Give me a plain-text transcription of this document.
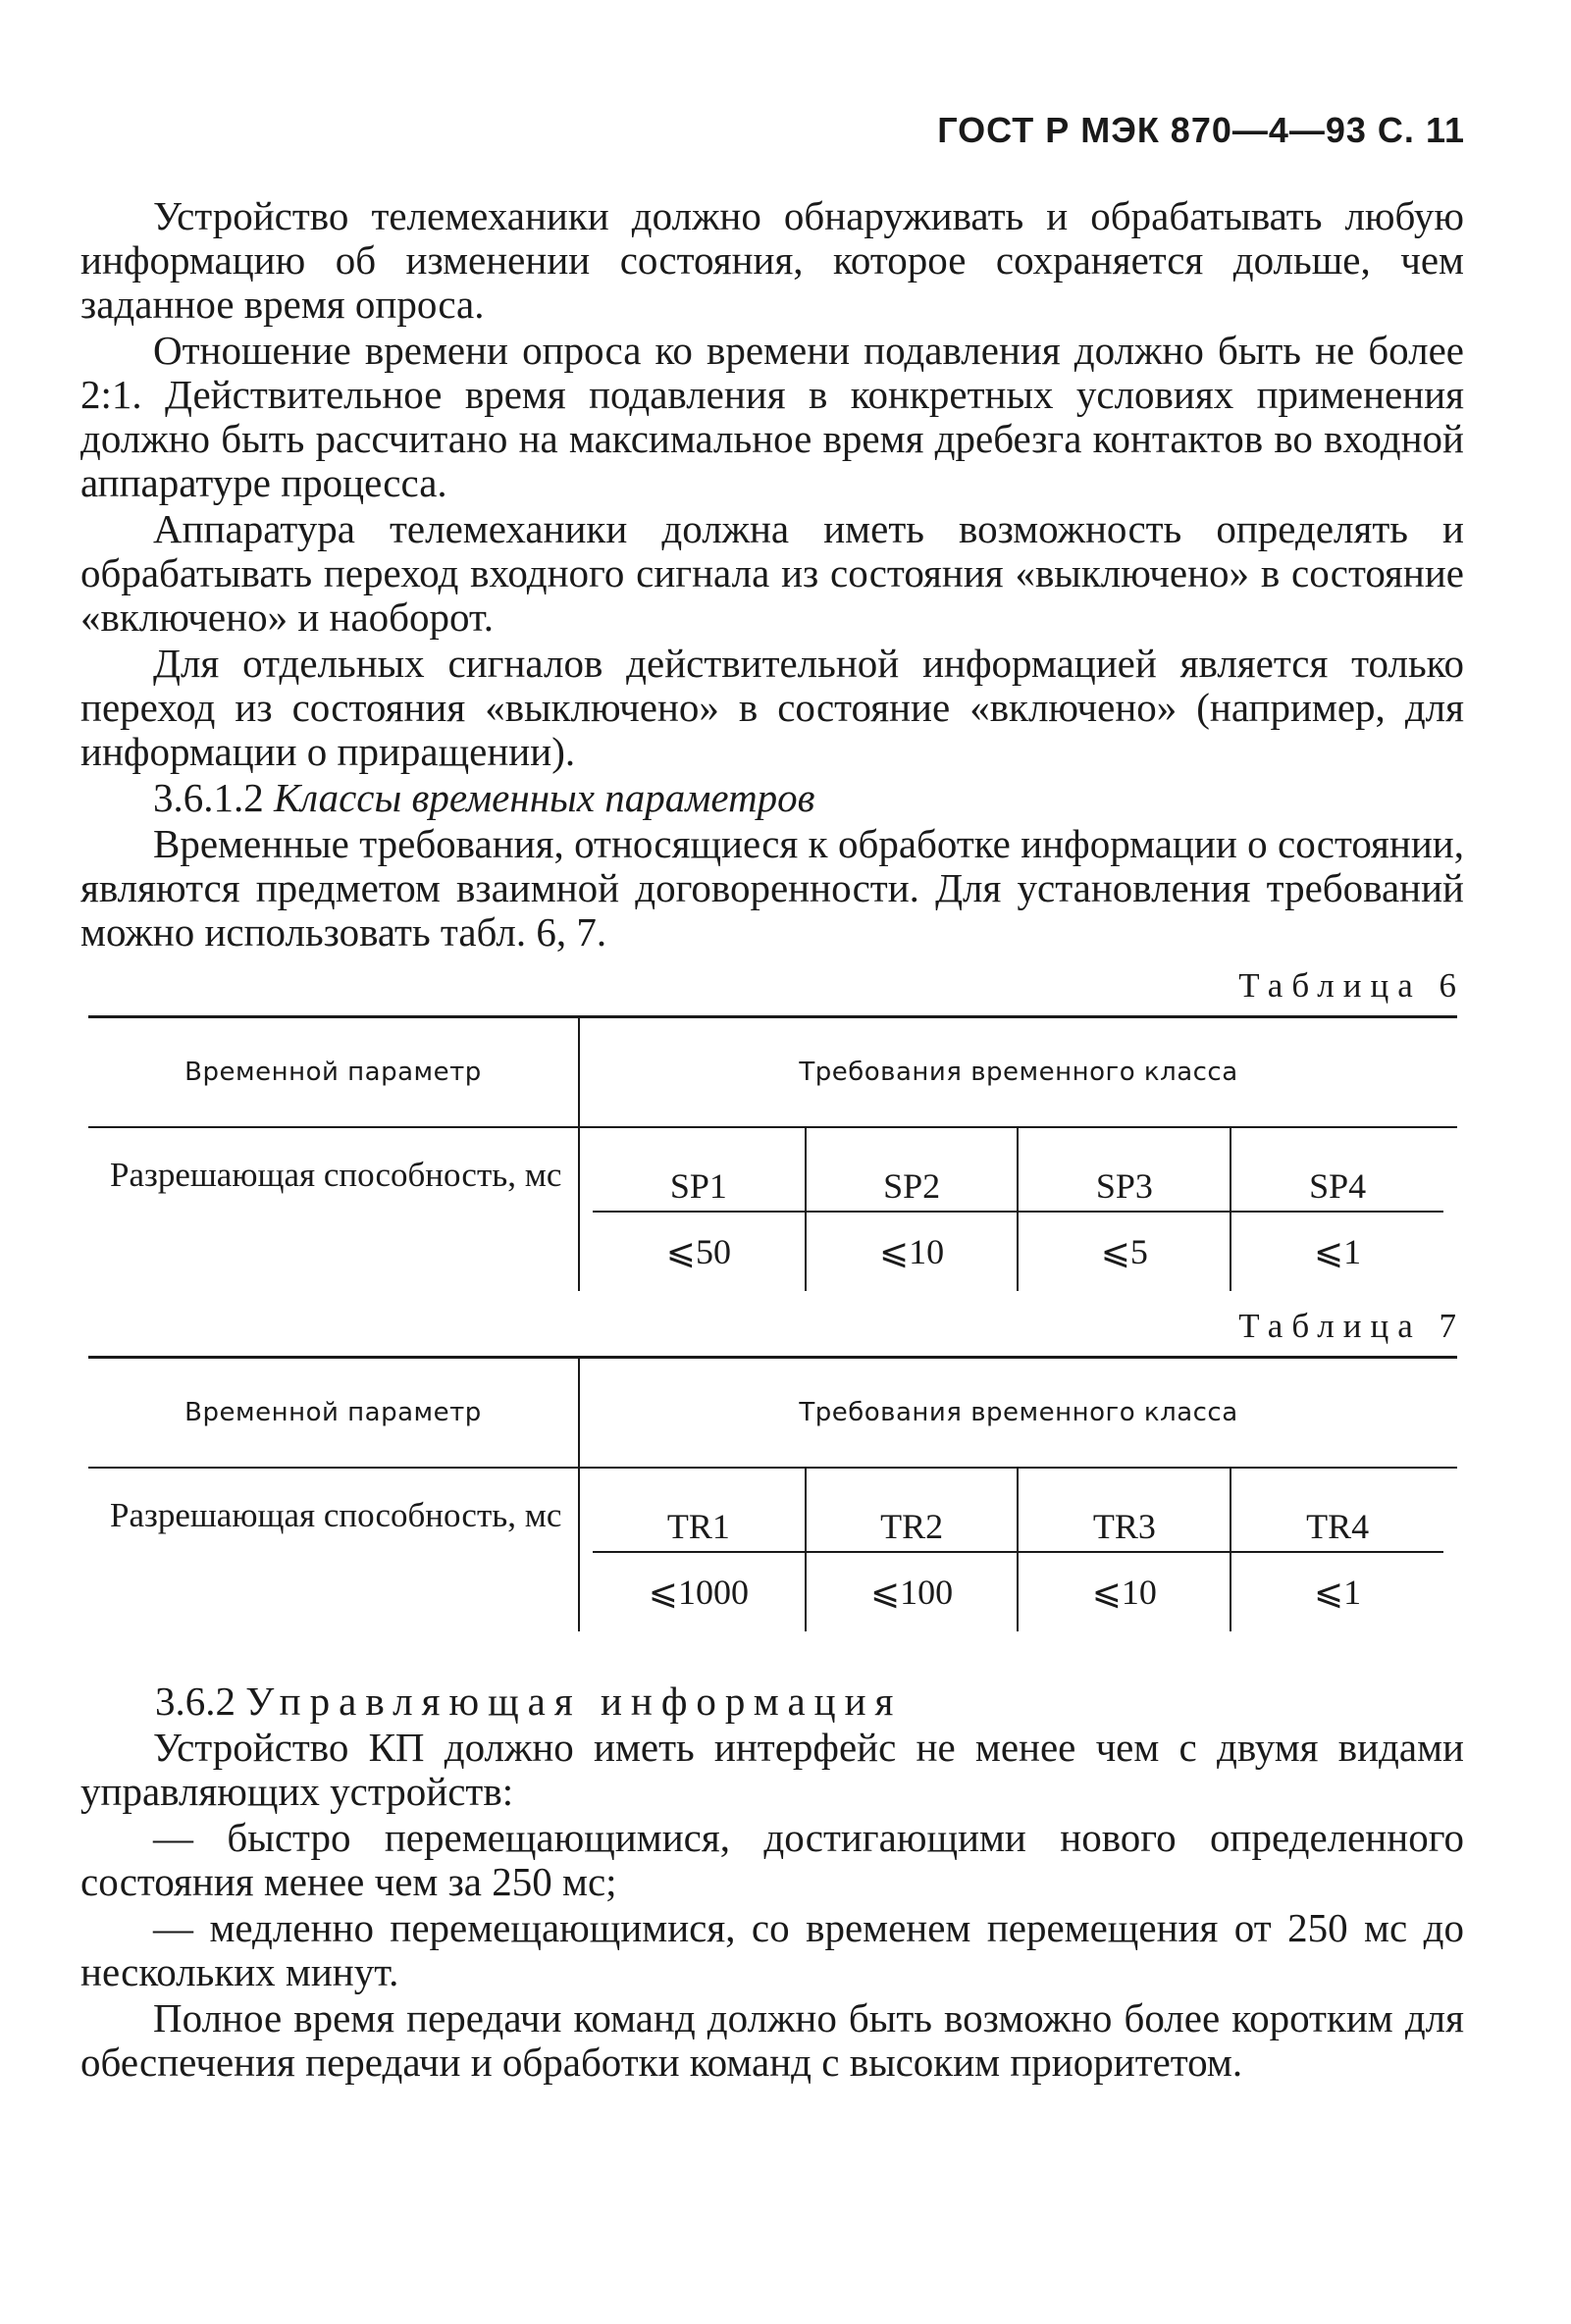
ГОСТ Р МЭК 870—4—93 С. 11

Устройство телемеханики должно обнаруживать и обрабатывать любую информацию об изменении состояния, которое сохраняется дольше, чем заданное время опроса.

Отношение времени опроса ко времени подавления должно быть не более 2:1. Действительное время подавления в конкретных условиях применения должно быть рассчитано на максимальное время дребезга контактов во входной аппаратуре процесса.

Аппаратура телемеханики должна иметь возможность определять и обрабатывать переход входного сигнала из состояния «выключено» в состояние «включено» и наоборот.

Для отдельных сигналов действительной информацией является только переход из состояния «выключено» в состояние «включено» (например, для информации о приращении).

3.6.1.2 Классы временных параметров

Временные требования, относящиеся к обработке информации о состоянии, являются предметом взаимной договоренности. Для установления требований можно использовать табл. 6, 7.

Таблица 6
Временной параметр	Требования временного класса					
Разрешающая способность, мс		SP1	SP2	SP3	SP4	
		⩽50	⩽10	⩽5	⩽1	
Таблица 7
Временной параметр	Требования временного класса					
Разрешающая способность, мс		TR1	TR2	TR3	TR4	
		⩽1000	⩽100	⩽10	⩽1	
3.6.2 Управляющая информация

Устройство КП должно иметь интерфейс не менее чем с двумя видами управляющих устройств:

— быстро перемещающимися, достигающими нового определенного состояния менее чем за 250 мс;

— медленно перемещающимися, со временем перемещения от 250 мс до нескольких минут.

Полное время передачи команд должно быть возможно более коротким для обеспечения передачи и обработки команд с высоким приоритетом.
